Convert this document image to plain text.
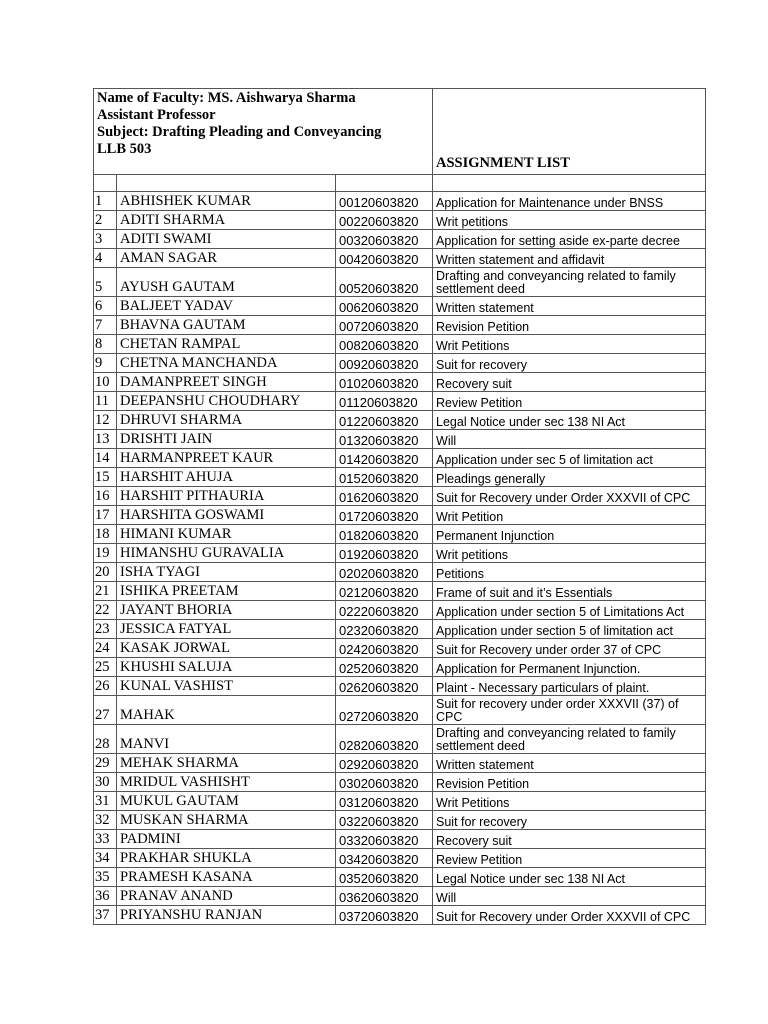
Name of Faculty: MS. Aishwarya Sharma
Assistant Professor
Subject: Drafting Pleading and Conveyancing
LLB 503			ASSIGNMENT LIST

1	ABHISHEK KUMAR	00120603820	Application for Maintenance under BNSS
2	ADITI SHARMA	00220603820	Writ petitions
3	ADITI SWAMI	00320603820	Application for setting aside ex-parte decree
4	AMAN SAGAR	00420603820	Written statement and affidavit
5	AYUSH GAUTAM	00520603820	Drafting and conveyancing related to family settlement deed
6	BALJEET YADAV	00620603820	Written statement
7	BHAVNA GAUTAM	00720603820	Revision Petition
8	CHETAN RAMPAL	00820603820	Writ Petitions
9	CHETNA MANCHANDA	00920603820	Suit for recovery
10	DAMANPREET SINGH	01020603820	Recovery suit
11	DEEPANSHU CHOUDHARY	01120603820	Review Petition
12	DHRUVI SHARMA	01220603820	Legal Notice under sec 138 NI Act
13	DRISHTI JAIN	01320603820	Will
14	HARMANPREET KAUR	01420603820	Application under sec 5 of limitation act
15	HARSHIT AHUJA	01520603820	Pleadings generally
16	HARSHIT PITHAURIA	01620603820	Suit for Recovery under Order XXXVII of CPC
17	HARSHITA GOSWAMI	01720603820	Writ Petition
18	HIMANI KUMAR	01820603820	Permanent Injunction
19	HIMANSHU GURAVALIA	01920603820	Writ petitions
20	ISHA TYAGI	02020603820	Petitions
21	ISHIKA PREETAM	02120603820	Frame of suit and it’s Essentials
22	JAYANT BHORIA	02220603820	Application under section 5 of Limitations Act
23	JESSICA FATYAL	02320603820	Application under section 5 of limitation act
24	KASAK JORWAL	02420603820	Suit for Recovery under order 37 of CPC
25	KHUSHI SALUJA	02520603820	Application for Permanent Injunction.
26	KUNAL VASHIST	02620603820	Plaint - Necessary particulars of plaint.
27	MAHAK	02720603820	Suit for recovery under order XXXVII (37) of CPC
28	MANVI	02820603820	Drafting and conveyancing related to family settlement deed
29	MEHAK SHARMA	02920603820	Written statement
30	MRIDUL VASHISHT	03020603820	Revision Petition
31	MUKUL GAUTAM	03120603820	Writ Petitions
32	MUSKAN SHARMA	03220603820	Suit for recovery
33	PADMINI	03320603820	Recovery suit
34	PRAKHAR SHUKLA	03420603820	Review Petition
35	PRAMESH KASANA	03520603820	Legal Notice under sec 138 NI Act
36	PRANAV ANAND	03620603820	Will
37	PRIYANSHU RANJAN	03720603820	Suit for Recovery under Order XXXVII of CPC
